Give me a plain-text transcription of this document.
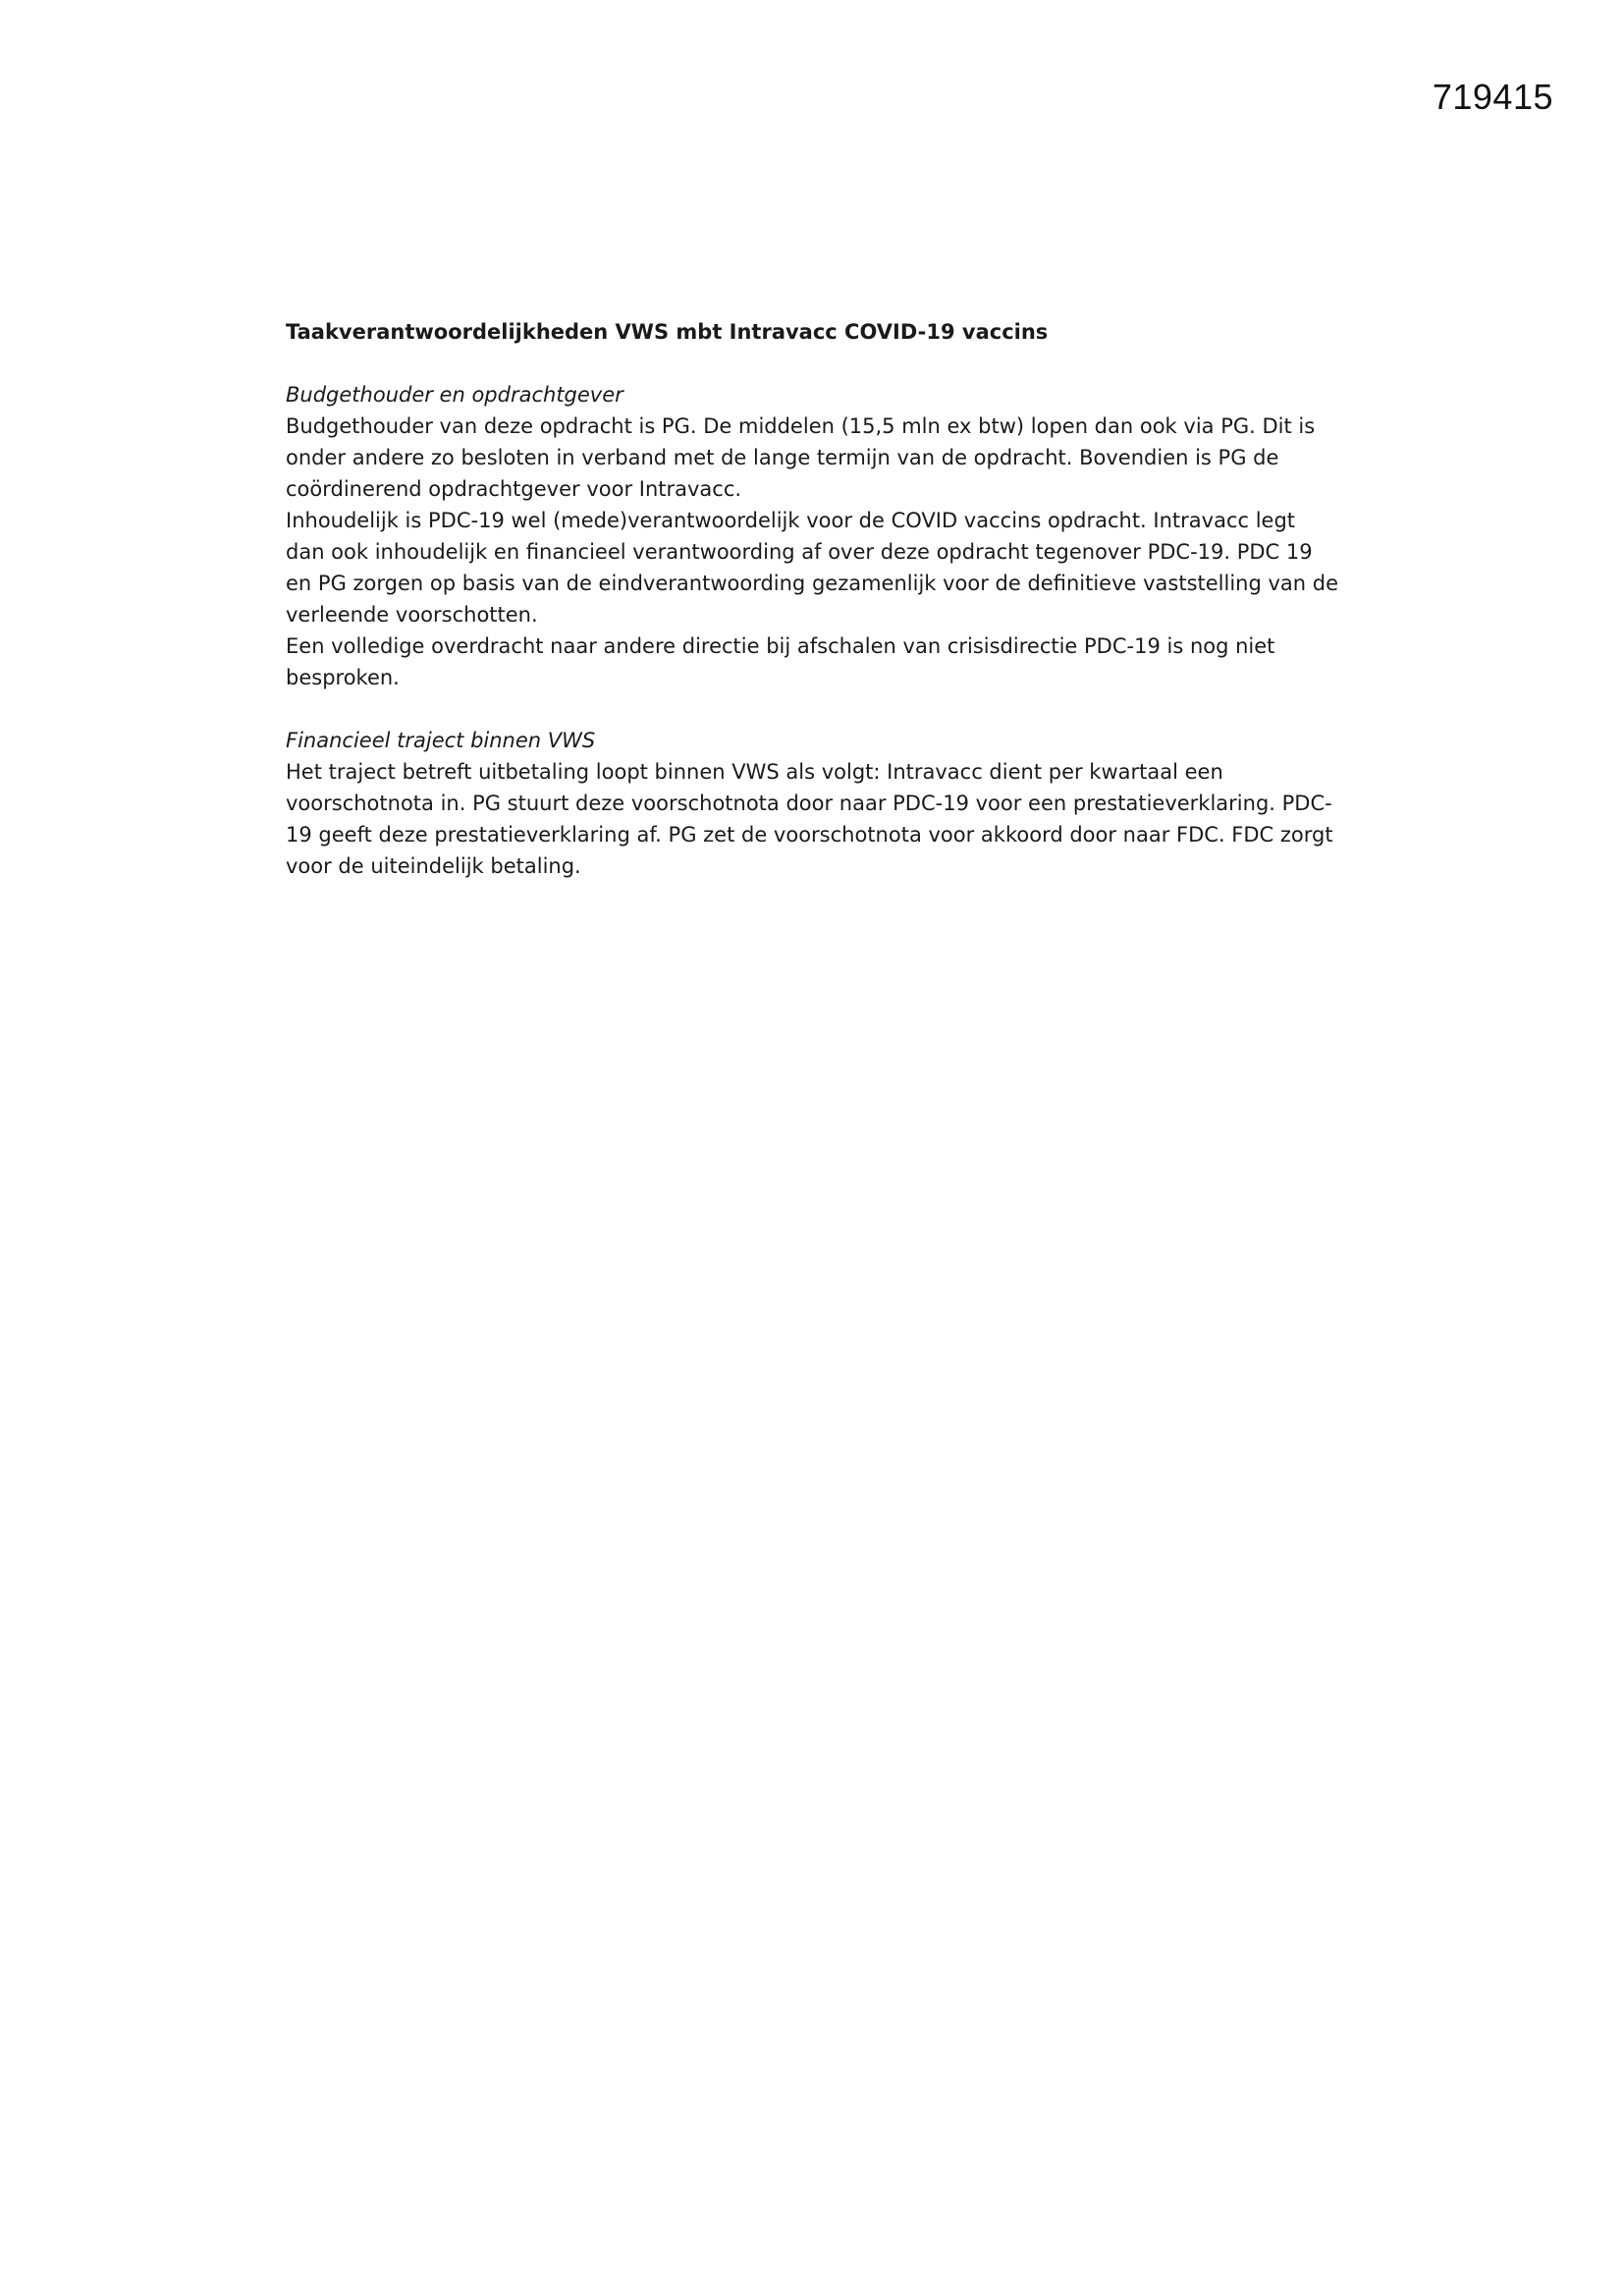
719415

Taakverantwoordelijkheden VWS mbt Intravacc COVID-19 vaccins

Budgethouder en opdrachtgever

Budgethouder van deze opdracht is PG. De middelen (15,5 mln ex btw) lopen dan ook via PG. Dit is
onder andere zo besloten in verband met de lange termijn van de opdracht. Bovendien is PG de
coördinerend opdrachtgever voor Intravacc.

Inhoudelijk is PDC-19 wel (mede)verantwoordelijk voor de COVID vaccins opdracht. Intravacc legt
dan ook inhoudelijk en financieel verantwoording af over deze opdracht tegenover PDC-19. PDC 19
en PG zorgen op basis van de eindverantwoording gezamenlijk voor de definitieve vaststelling van de
verleende voorschotten.

Een volledige overdracht naar andere directie bij afschalen van crisisdirectie PDC-19 is nog niet
besproken.

Financieel traject binnen VWS

Het traject betreft uitbetaling loopt binnen VWS als volgt: Intravacc dient per kwartaal een
voorschotnota in. PG stuurt deze voorschotnota door naar PDC-19 voor een prestatieverklaring. PDC-
19 geeft deze prestatieverklaring af. PG zet de voorschotnota voor akkoord door naar FDC. FDC zorgt
voor de uiteindelijk betaling.
